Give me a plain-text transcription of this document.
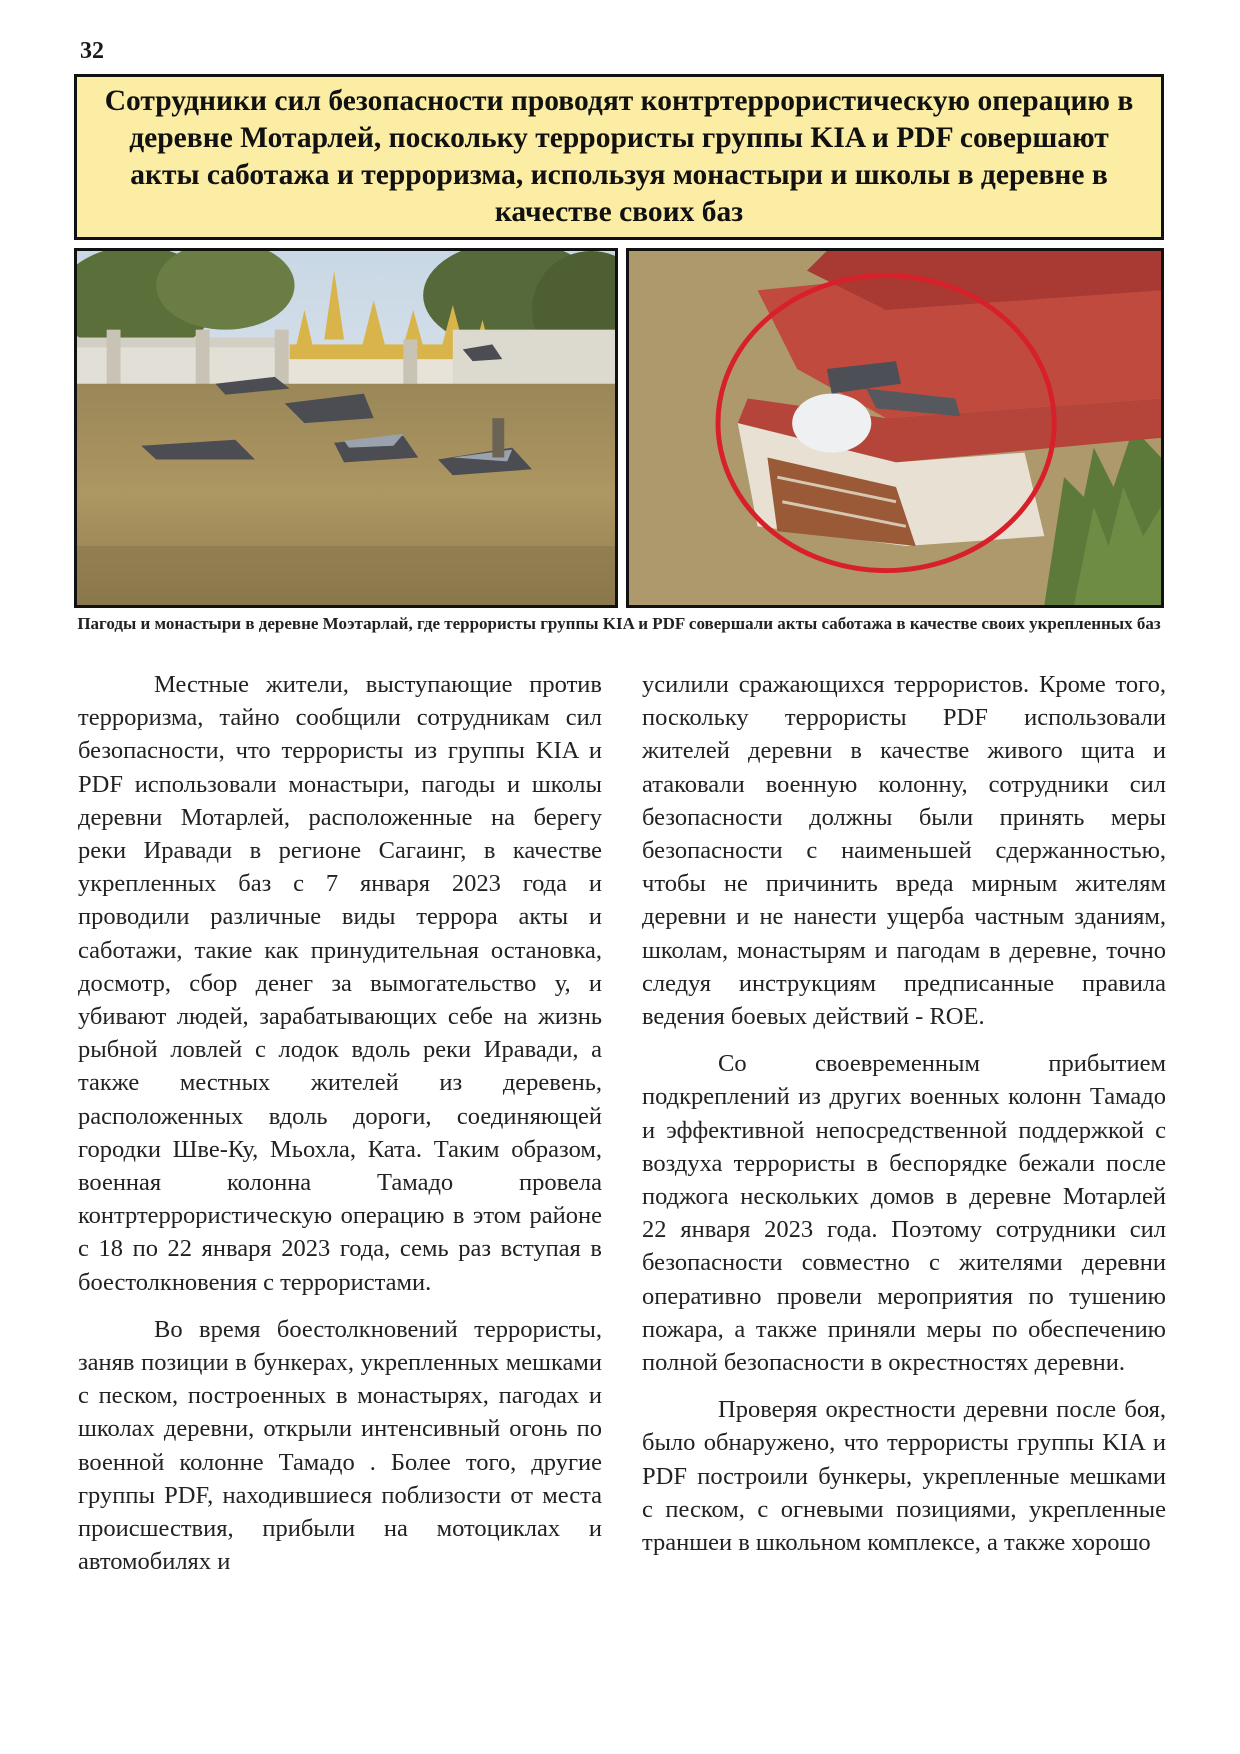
32
Сотрудники сил безопасности проводят контртеррористическую операцию в деревне Мотарлей, поскольку террористы группы KIA и PDF совершают акты саботажа и терроризма, используя монастыри и школы в деревне в качестве своих баз
Пагоды и монастыри в деревне Моэтарлай, где террористы группы KIA и PDF совершали акты саботажа в качестве своих укрепленных баз

Местные жители, выступающие против терроризма, тайно сообщили сотрудникам сил безопасности, что террористы из группы KIA и PDF использовали монастыри, пагоды и школы деревни Мотарлей, расположенные на берегу реки Иравади в регионе Сагаинг, в качестве укрепленных баз с 7 января 2023 года и проводили различные виды террора акты и саботажи, такие как принудительная остановка, досмотр, сбор денег за вымогательство у, и убивают людей, зарабатывающих себе на жизнь рыбной ловлей с лодок вдоль реки Иравади, а также местных жителей из деревень, расположенных вдоль дороги, соединяющей городки Шве-Ку, Мьохла, Ката. Таким образом, военная колонна Тамадо провела контртеррористическую операцию в этом районе с 18 по 22 января 2023 года, семь раз вступая в боестолкновения с террористами.

Во время боестолкновений террористы, заняв позиции в бункерах, укрепленных мешками с песком, построенных в монастырях, пагодах и школах деревни, открыли интенсивный огонь по военной колонне Тамадо . Более того, другие группы PDF, находившиеся поблизости от места происшествия, прибыли на мотоциклах и автомобилях и

усилили сражающихся террористов. Кроме того, поскольку террористы PDF использовали жителей деревни в качестве живого щита и атаковали военную колонну, сотрудники сил безопасности должны были принять меры безопасности с наименьшей сдержанностью, чтобы не причинить вреда мирным жителям деревни и не нанести ущерба частным зданиям, школам, монастырям и пагодам в деревне, точно следуя инструкциям предписанные правила ведения боевых действий - ROE.

Со своевременным прибытием подкреплений из других военных колонн Тамадо и эффективной непосредственной поддержкой с воздуха террористы в беспорядке бежали после поджога нескольких домов в деревне Мотарлей 22 января 2023 года. Поэтому сотрудники сил безопасности совместно с жителями деревни оперативно провели мероприятия по тушению пожара, а также приняли меры по обеспечению полной безопасности в окрестностях деревни.

Проверяя окрестности деревни после боя, было обнаружено, что террористы группы KIA и PDF построили бункеры, укрепленные мешками с песком, с огневыми позициями, укрепленные траншеи в школьном комплексе, а также хорошо
